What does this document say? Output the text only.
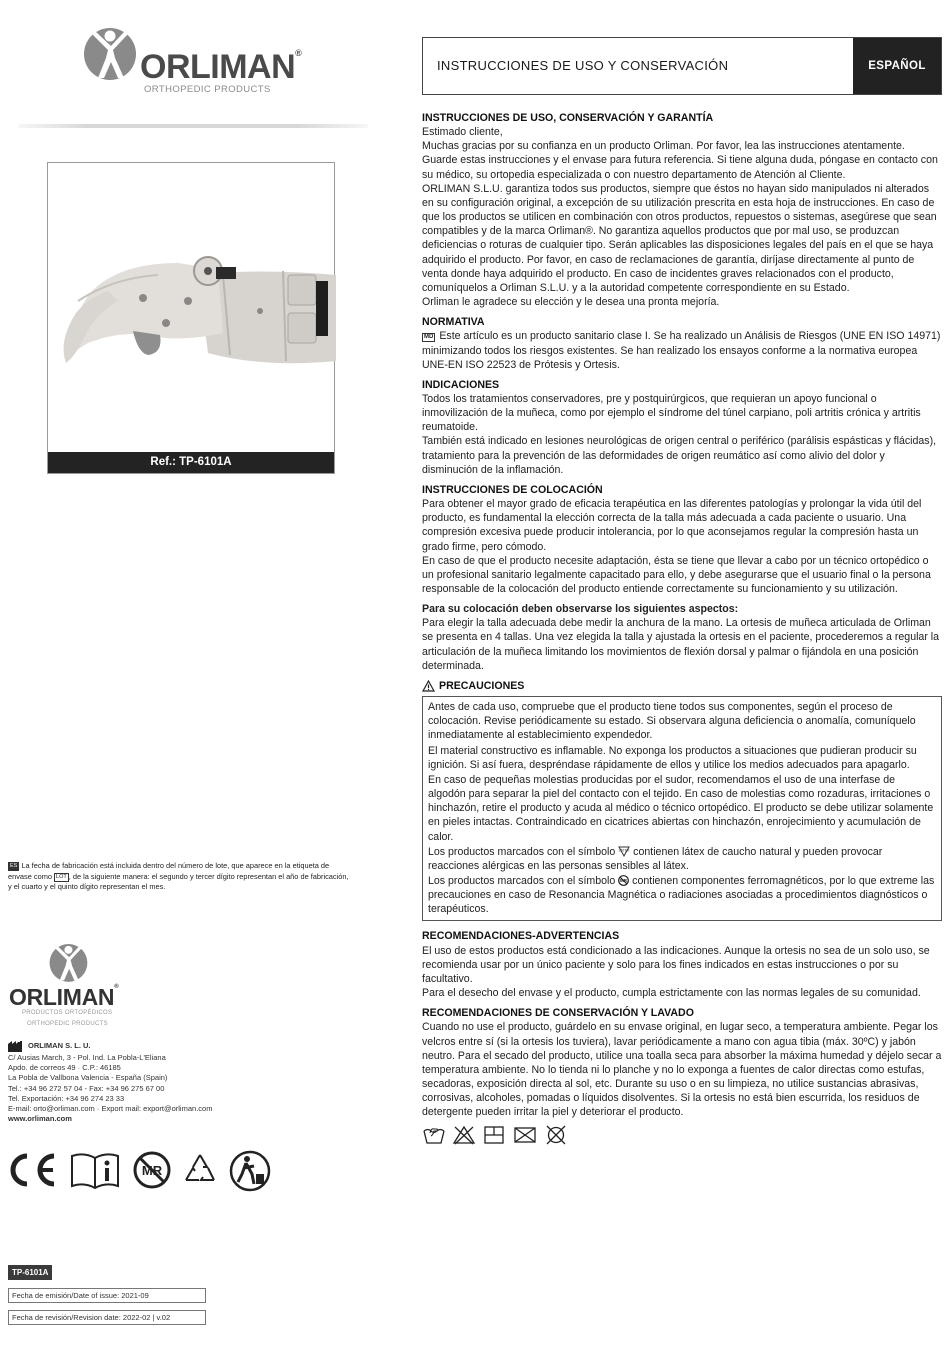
ORLIMAN®
ORTHOPEDIC PRODUCTS
Ref.: TP-6101A
ES La fecha de fabricación está incluida dentro del número de lote, que aparece en la etiqueta de envase como LOT , de la siguiente manera: el segundo y tercer dígito representan el año de fabricación, y el cuarto y el quinto dígito representan el mes.
ORLIMAN®
PRODUCTOS ORTOPÉDICOS
ORTHOPEDIC PRODUCTS
ORLIMAN S. L. U.
C/ Ausias March, 3 - Pol. Ind. La Pobla-L'Eliana
Apdo. de correos 49 · C.P.: 46185
La Pobla de Vallbona Valencia - España (Spain)
Tel.: +34 96 272 57 04 - Fax: +34 96 275 67 00
Tel. Exportación: +34 96 274 23 33
E-mail: orto@orliman.com · Export mail: export@orliman.com
www.orliman.com
MR
TP-6101A
Fecha de emisión/Date of issue: 2021-09
Fecha de revisión/Revision date: 2022-02 | v.02
INSTRUCCIONES DE USO Y CONSERVACIÓN	ESPAÑOL
INSTRUCCIONES DE USO, CONSERVACIÓN Y GARANTÍA

Estimado cliente,

Muchas gracias por su confianza en un producto Orliman. Por favor, lea las instrucciones atentamente. Guarde estas instrucciones y el envase para futura referencia. Si tiene alguna duda, póngase en contacto con su médico, su ortopedia especializada o con nuestro departamento de Atención al Cliente.

ORLIMAN S.L.U. garantiza todos sus productos, siempre que éstos no hayan sido manipulados ni alterados en su configuración original, a excepción de su utilización prescrita en esta hoja de instrucciones. En caso de que los productos se utilicen en combinación con otros productos, repuestos o sistemas, asegúrese que sean compatibles y de la marca Orliman®. No garantiza aquellos productos que por mal uso, se produzcan deficiencias o roturas de cualquier tipo. Serán aplicables las disposiciones legales del país en el que se haya adquirido el producto. Por favor, en caso de reclamaciones de garantía, diríjase directamente al punto de venta donde haya adquirido el producto. En caso de incidentes graves relacionados con el producto, comuníquelos a Orliman S.L.U. y a la autoridad competente correspondiente en su Estado.

Orliman le agradece su elección y le desea una pronta mejoría.

NORMATIVA

MD Este artículo es un producto sanitario clase I. Se ha realizado un Análisis de Riesgos (UNE EN ISO 14971) minimizando todos los riesgos existentes. Se han realizado los ensayos conforme a la normativa europea UNE-EN ISO 22523 de Prótesis y Ortesis.

INDICACIONES

Todos los tratamientos conservadores, pre y postquirúrgicos, que requieran un apoyo funcional o inmovilización de la muñeca, como por ejemplo el síndrome del túnel carpiano, poli artritis crónica y artritis reumatoide.

También está indicado en lesiones neurológicas de origen central o periférico (parálisis espásticas y flácidas), tratamiento para la prevención de las deformidades de origen reumático así como alivio del dolor y disminución de la inflamación.

INSTRUCCIONES DE COLOCACIÓN

Para obtener el mayor grado de eficacia terapéutica en las diferentes patologías y prolongar la vida útil del producto, es fundamental la elección correcta de la talla más adecuada a cada paciente o usuario. Una compresión excesiva puede producir intolerancia, por lo que aconsejamos regular la compresión hasta un grado firme, pero cómodo.

En caso de que el producto necesite adaptación, ésta se tiene que llevar a cabo por un técnico ortopédico o un profesional sanitario legalmente capacitado para ello, y debe asegurarse que el usuario final o la persona responsable de la colocación del producto entiende correctamente su funcionamiento y su utilización.

Para su colocación deben observarse los siguientes aspectos:

Para elegir la talla adecuada debe medir la anchura de la mano. La ortesis de muñeca articulada de Orliman se presenta en 4 tallas. Una vez elegida la talla y ajustada la ortesis en el paciente, procederemos a regular la articulación de la muñeca limitando los movimientos de flexión dorsal y palmar o fijándola en una posición determinada.

PRECAUCIONES

Antes de cada uso, compruebe que el producto tiene todos sus componentes, según el proceso de colocación. Revise periódicamente su estado. Si observara alguna deficiencia o anomalía, comuníquelo inmediatamente al establecimiento expendedor.

El material constructivo es inflamable. No exponga los productos a situaciones que pudieran producir su ignición. Si así fuera, despréndase rápidamente de ellos y utilice los medios adecuados para apagarlo.

En caso de pequeñas molestias producidas por el sudor, recomendamos el uso de una interfase de algodón para separar la piel del contacto con el tejido. En caso de molestias como rozaduras, irritaciones o hinchazón, retire el producto y acuda al médico o técnico ortopédico. El producto se debe utilizar solamente en pieles intactas. Contraindicado en cicatrices abiertas con hinchazón, enrojecimiento y acumulación de calor.

Los productos marcados con el símbolo LATEX contienen látex de caucho natural y pueden provocar reacciones alérgicas en las personas sensibles al látex.

Los productos marcados con el símbolo MR contienen componentes ferromagnéticos, por lo que extreme las precauciones en caso de Resonancia Magnética o radiaciones asociadas a procedimientos diagnósticos o terapéuticos.

RECOMENDACIONES-ADVERTENCIAS

El uso de estos productos está condicionado a las indicaciones. Aunque la ortesis no sea de un solo uso, se recomienda usar por un único paciente y solo para los fines indicados en estas instrucciones o por su facultativo.

Para el desecho del envase y el producto, cumpla estrictamente con las normas legales de su comunidad.

RECOMENDACIONES DE CONSERVACIÓN Y LAVADO

Cuando no use el producto, guárdelo en su envase original, en lugar seco, a temperatura ambiente. Pegar los velcros entre sí (si la ortesis los tuviera), lavar periódicamente a mano con agua tibia (máx. 30ºC) y jabón neutro. Para el secado del producto, utilice una toalla seca para absorber la máxima humedad y déjelo secar a temperatura ambiente. No lo tienda ni lo planche y no lo exponga a fuentes de calor directas como estufas, secadoras, exposición directa al sol, etc. Durante su uso o en su limpieza, no utilice sustancias abrasivas, corrosivas, alcoholes, pomadas o líquidos disolventes. Si la ortesis no está bien escurrida, los residuos de detergente pueden irritar la piel y deteriorar el producto.
